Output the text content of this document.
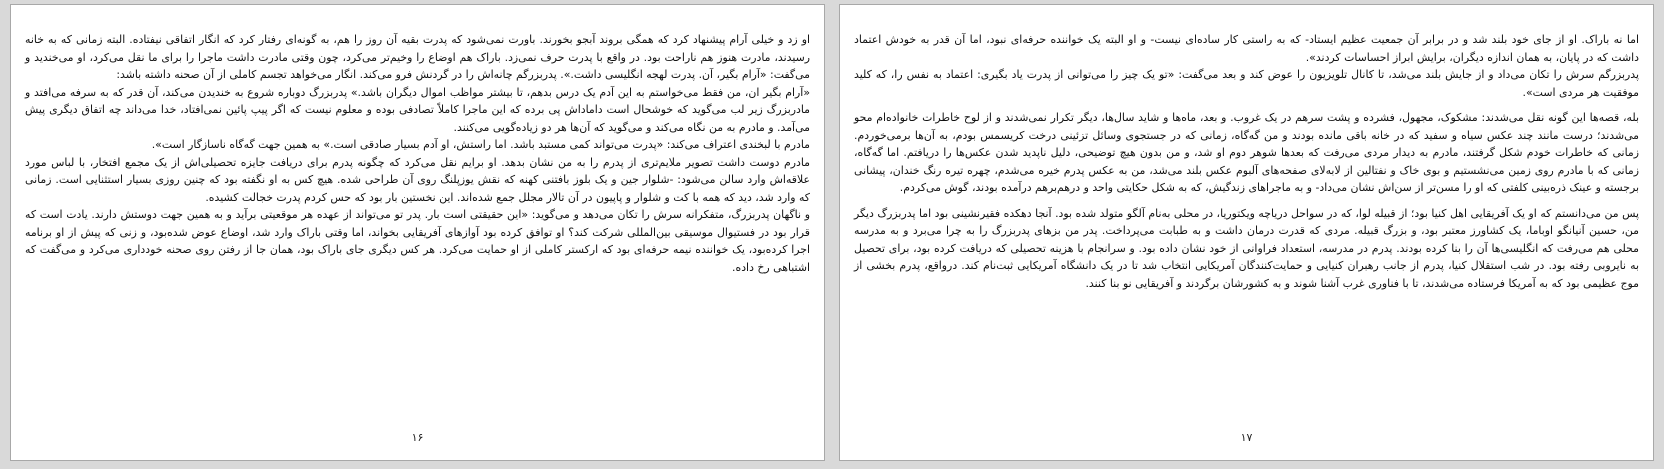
او زد و خیلی آرام پیشنهاد کرد که همگی بروند آبجو بخورند. باورت نمی‌شود که پدرت بقیه آن روز را هم، به گونه‌ای رفتار کرد که انگار اتفاقی نیفتاده. البته زمانی که به خانه رسیدند، مادرت هنوز هم ناراحت بود. در واقع با پدرت حرف نمی‌زد. باراک هم اوضاع را وخیم‌تر می‌کرد، چون وقتی مادرت داشت ماجرا را برای ما نقل می‌کرد، او می‌خندید و می‌گفت: «آرام بگیر، آن. پدرت لهجه انگلیسی داشت.». پدربزرگم چانه‌اش را در گردنش فرو می‌کند. انگار می‌خواهد تجسم کاملی از آن صحنه داشته باشد:

«آرام بگیر ان، من فقط می‌خواستم به این آدم یک درس بدهم، تا بیشتر مواظب اموال دیگران باشد.» پدربزرگ دوباره شروع به خندیدن می‌کند، آن قدر که به سرفه می‌افتد و مادربزرگ زیر لب می‌گوید که خوشحال است داماداش پی برده که این ماجرا کاملاً تصادفی بوده و معلوم نیست که اگر پیپ پائین نمی‌افتاد، خدا می‌داند چه اتفاق دیگری پیش می‌آمد. و مادرم به من نگاه می‌کند و می‌گوید که آن‌ها هر دو زیاده‌گویی می‌کنند.

مادرم با لبخندی اعتراف می‌کند: «پدرت می‌تواند کمی مستبد باشد. اما راستش، او آدم بسیار صادقی است.» به همین جهت گه‌گاه ناسازگار است».

مادرم دوست داشت تصویر ملایم‌تری از پدرم را به من نشان بدهد. او برایم نقل می‌کرد که چگونه پدرم برای دریافت جایزه تحصیلی‌اش از یک مجمع افتخار، با لباس مورد علاقه‌اش وارد سالن می‌شود: -شلوار جین و یک بلوز بافتنی کهنه که نقش یوزپلنگ روی آن طراحی شده. هیچ کس به او نگفته بود که چنین روزی بسیار استثنایی است. زمانی که وارد شد، دید که همه با کت و شلوار و پاپیون در آن تالار مجلل جمع شده‌اند. این نخستین بار بود که حس کردم پدرت خجالت کشیده.

و ناگهان پدربزرگ، متفکرانه سرش را تکان می‌دهد و می‌گوید: «این حقیقتی است بار. پدر تو می‌تواند از عهده هر موقعیتی برآید و به همین جهت دوستش دارند. یادت است که قرار بود در فستیوال موسیقی بین‌المللی شرکت کند؟ او توافق کرده بود آوازهای آفریقایی بخواند، اما وقتی باراک وارد شد، اوضاع عوض شده‌بود، و زنی که پیش از او برنامه اجرا کرده‌بود، یک خواننده نیمه حرفه‌ای بود که ارکستر کاملی از او حمایت می‌کرد. هر کس دیگری جای باراک بود، همان جا از رفتن روی صحنه خودداری می‌کرد و می‌گفت که اشتباهی رخ داده.

۱۶

اما نه باراک. او از جای خود بلند شد و در برابر آن جمعیت عظیم ایستاد- که به راستی کار ساده‌ای نیست- و او البته یک خواننده حرفه‌ای نبود، اما آن قدر به خودش اعتماد داشت که در پایان، به همان اندازه دیگران، برایش ابراز احساسات کردند».

پدربزرگم سرش را تکان می‌داد و از جایش بلند می‌شد، تا کانال تلویزیون را عوض کند و بعد می‌گفت: «تو یک چیز را می‌توانی از پدرت یاد بگیری: اعتماد به نفس را، که کلید موفقیت هر مردی است».

بله، قصه‌ها این گونه نقل می‌شدند: مشکوک، مجهول، فشرده و پشت سرهم در یک غروب. و بعد، ماه‌ها و شاید سال‌ها، دیگر تکرار نمی‌شدند و از لوح خاطرات خانواده‌ام محو می‌شدند؛ درست مانند چند عکس سیاه و سفید که در خانه باقی مانده بودند و من گه‌گاه، زمانی که در جستجوی وسائل تزئینی درخت کریسمس بودم، به آن‌ها برمی‌خوردم. زمانی که خاطرات خودم شکل گرفتند، مادرم به دیدار مردی می‌رفت که بعدها شوهر دوم او شد، و من بدون هیچ توضیحی، دلیل ناپدید شدن عکس‌ها را دریافتم. اما گه‌گاه، زمانی که با مادرم روی زمین می‌نشستیم و بوی خاک و نفتالین از لابه‌لای صفحه‌های آلبوم عکس بلند می‌شد، من به عکس پدرم خیره می‌شدم، چهره تیره رنگ خندان، پیشانی برجسته و عینک ذره‌بینی کلفتی که او را مسن‌تر از سن‌اش نشان می‌داد- و به ماجراهای زندگیش، که به شکل حکایتی واحد و درهم‌برهم درآمده بودند، گوش می‌کردم.

پس من می‌دانستم که او یک آفریقایی اهل کنیا بود؛ از قبیله لوا، که در سواحل دریاچه ویکتوریا، در محلی به‌نام آلگو متولد شده بود. آنجا دهکده فقیرنشینی بود اما پدربزرگ دیگر من، حسین آنیانگو اوباما، یک کشاورز معتبر بود، و بزرگ قبیله. مردی که قدرت درمان داشت و به طبابت می‌پرداخت. پدر من بزهای پدربزرگ را به چرا می‌برد و به مدرسه محلی هم می‌رفت که انگلیسی‌ها آن را بنا کرده بودند. پدرم در مدرسه، استعداد فراوانی از خود نشان داده بود. و سرانجام با هزینه تحصیلی که دریافت کرده بود، برای تحصیل به نایروبی رفته بود. در شب استقلال کنیا، پدرم از جانب رهبران کنیایی و حمایت‌کنندگان آمریکایی انتخاب شد تا در یک دانشگاه آمریکایی ثبت‌نام کند. درواقع، پدرم بخشی از موج عظیمی بود که به آمریکا فرستاده می‌شدند، تا با فناوری غرب آشنا شوند و به کشورشان برگردند و آفریقایی نو بنا کنند.

۱۷
